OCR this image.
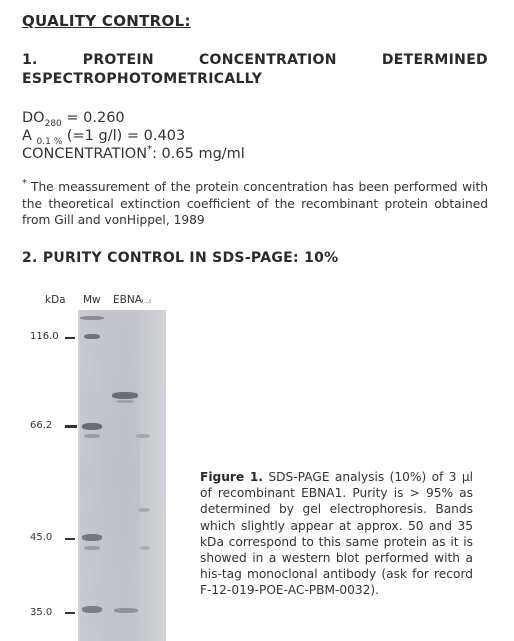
QUALITY CONTROL:
1.	PROTEIN	CONCENTRATION	DETERMINED
ESPECTROPHOTOMETRICALLY
$DO_{280} = 0.260$
A $_{0.1 \%}$ (=1 g/l) = 0.403
CONCENTRATION*: 0.65 mg/ml
* The meassurement of the protein concentration has been performed with the theoretical extinction coefficient of the recombinant protein obtained from Gill and vonHippel, 1989
2. PURITY CONTROL IN SDS-PAGE: 10%
kDa Mw EBNA(…)
116.0
66.2
45.0
35.0
Figure 1. SDS-PAGE analysis (10%) of 3 µl of recombinant EBNA1. Purity is > 95% as determined by gel electrophoresis. Bands which slightly appear at approx. 50 and 35 kDa correspond to this same protein as it is showed in a western blot performed with a his-tag monoclonal antibody (ask for record F-12-019-POE-AC-PBM-0032).
